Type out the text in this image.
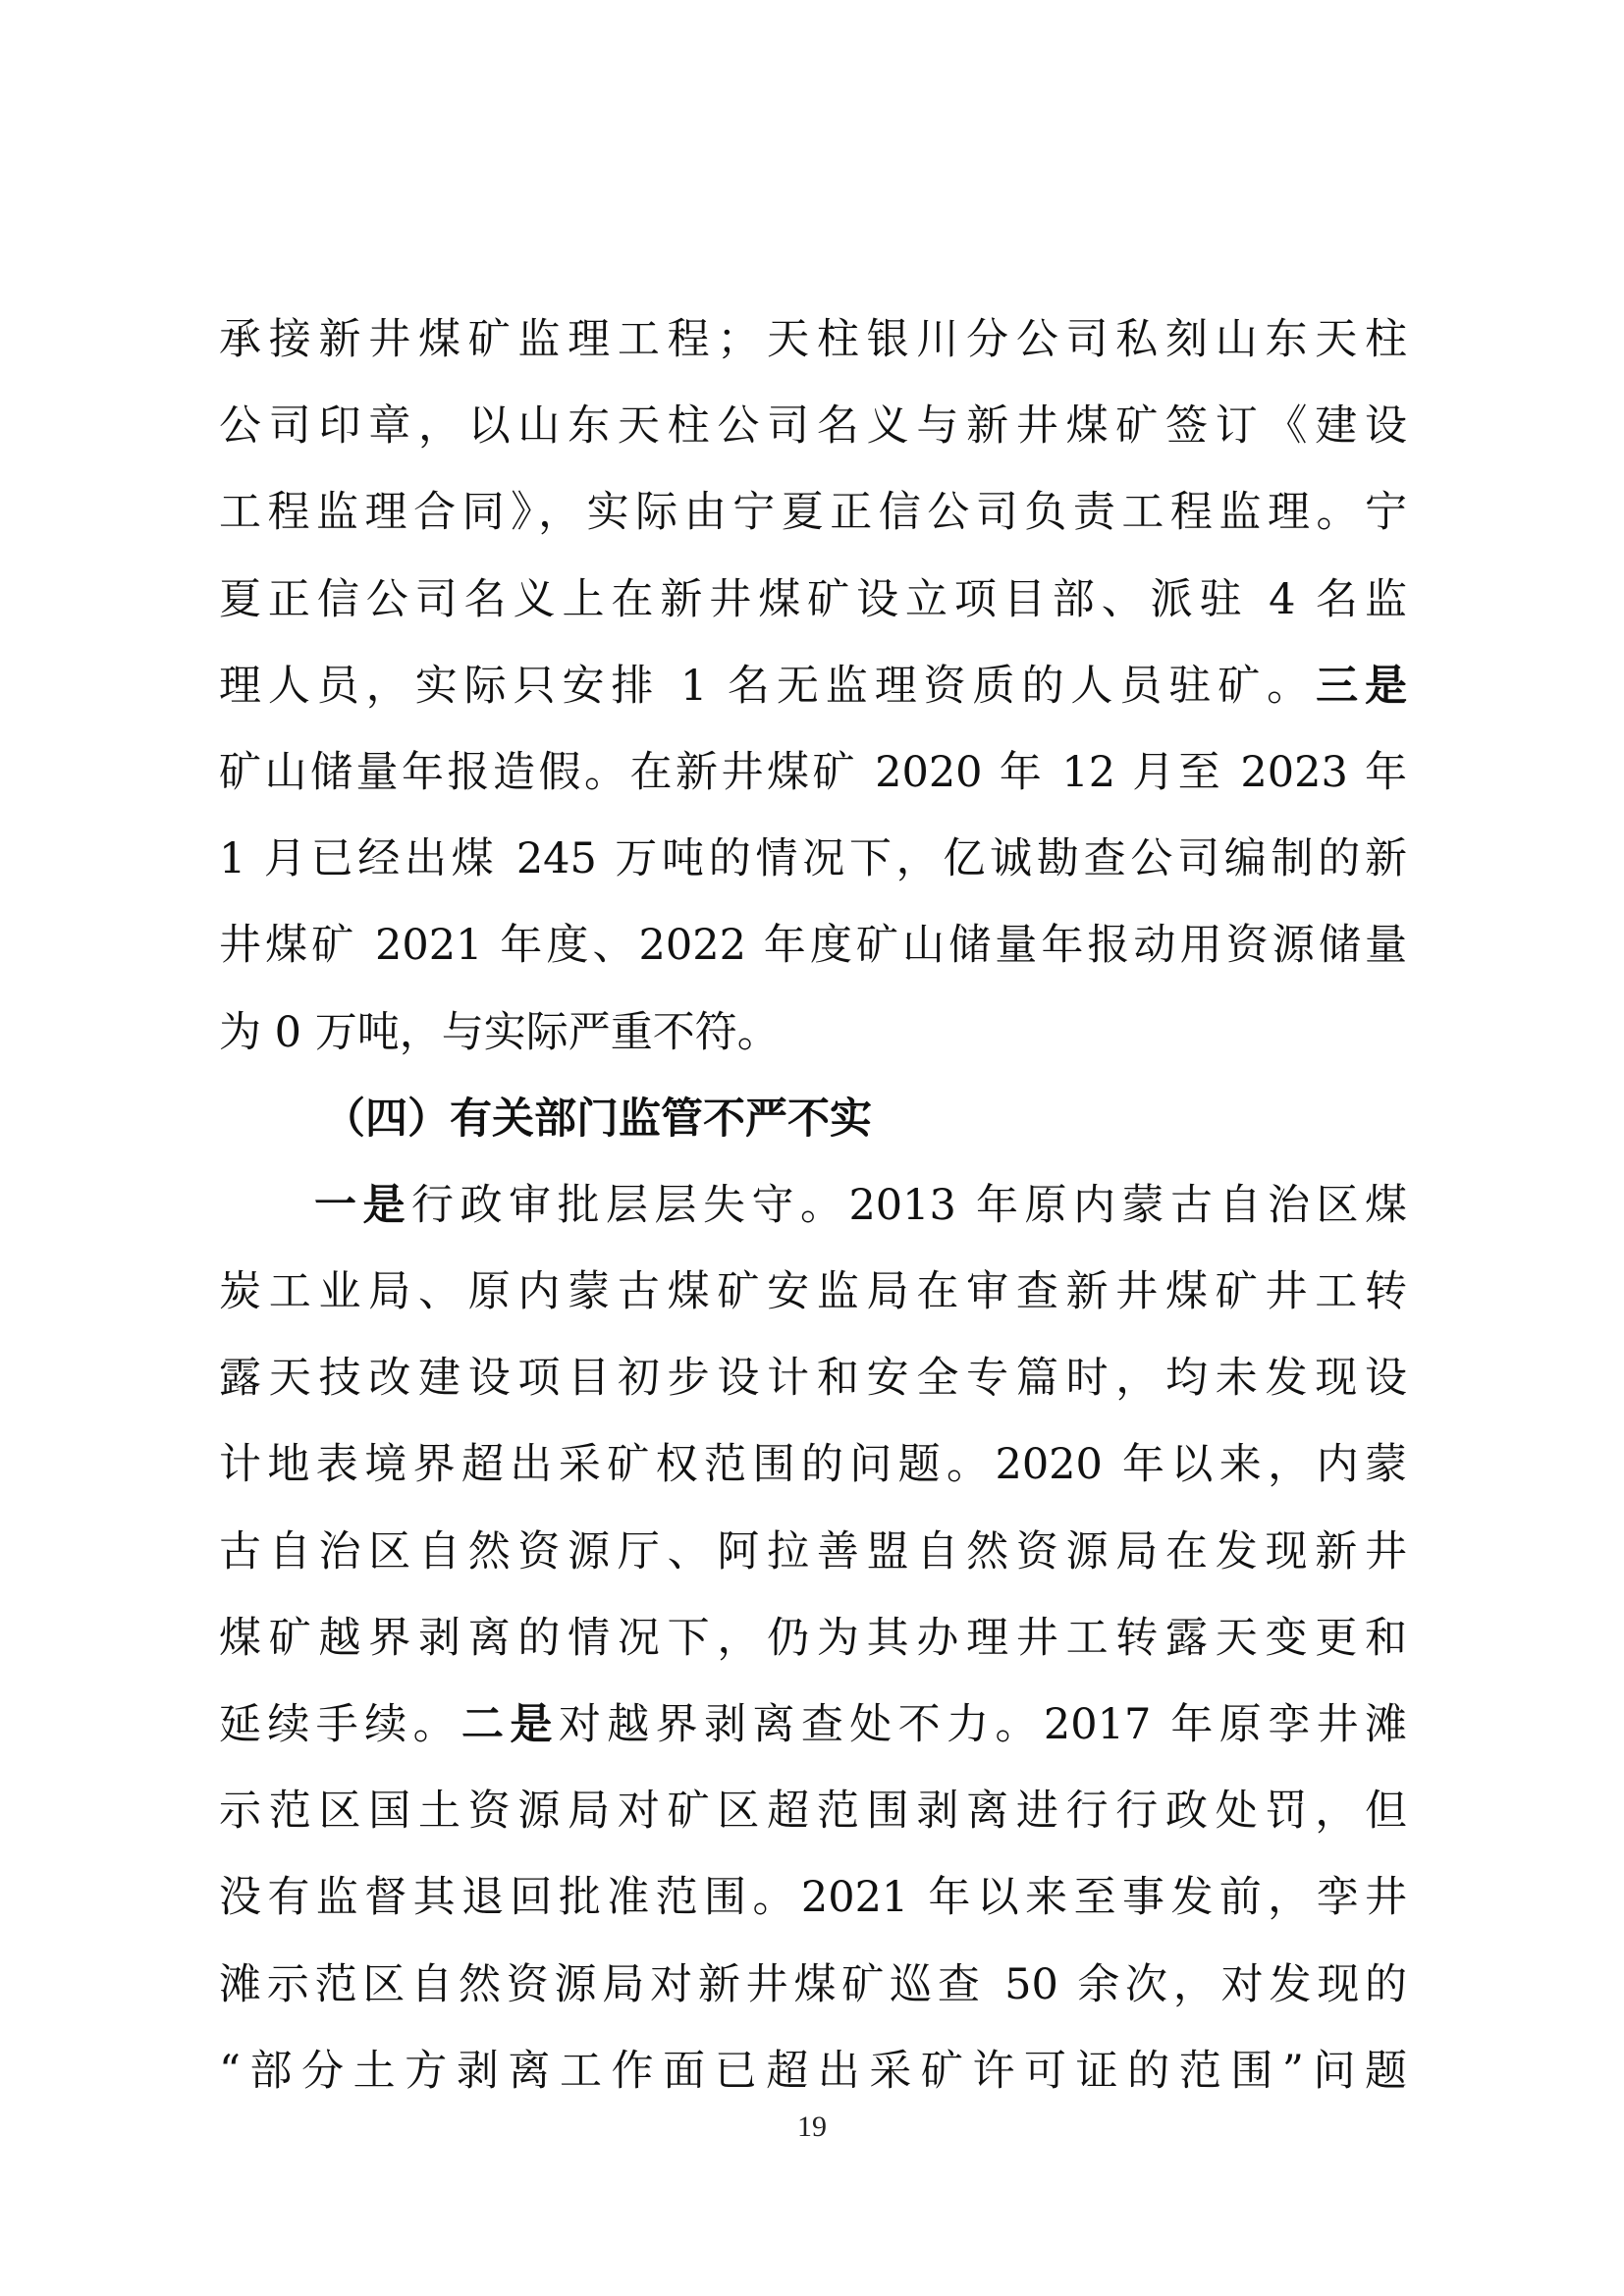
承接新井煤矿监理工程；天柱银川分公司私刻山东天柱
公司印章，以山东天柱公司名义与新井煤矿签订《建设
工程监理合同》，实际由宁夏正信公司负责工程监理。宁
夏正信公司名义上在新井煤矿设立项目部、派驻 4 名监
理人员，实际只安排 1 名无监理资质的人员驻矿。三是
矿山储量年报造假。在新井煤矿 2020 年 12 月至 2023 年
1 月已经出煤 245 万吨的情况下，亿诚勘查公司编制的新
井煤矿 2021 年度、2022 年度矿山储量年报动用资源储量
为 0 万吨，与实际严重不符。
（四）有关部门监管不严不实
一是行政审批层层失守。2013 年原内蒙古自治区煤
炭工业局、原内蒙古煤矿安监局在审查新井煤矿井工转
露天技改建设项目初步设计和安全专篇时，均未发现设
计地表境界超出采矿权范围的问题。2020 年以来，内蒙
古自治区自然资源厅、阿拉善盟自然资源局在发现新井
煤矿越界剥离的情况下，仍为其办理井工转露天变更和
延续手续。二是对越界剥离查处不力。2017 年原孪井滩
示范区国土资源局对矿区超范围剥离进行行政处罚，但
没有监督其退回批准范围。2021 年以来至事发前，孪井
滩示范区自然资源局对新井煤矿巡查 50 余次，对发现的
“部分土方剥离工作面已超出采矿许可证的范围”问题
19
